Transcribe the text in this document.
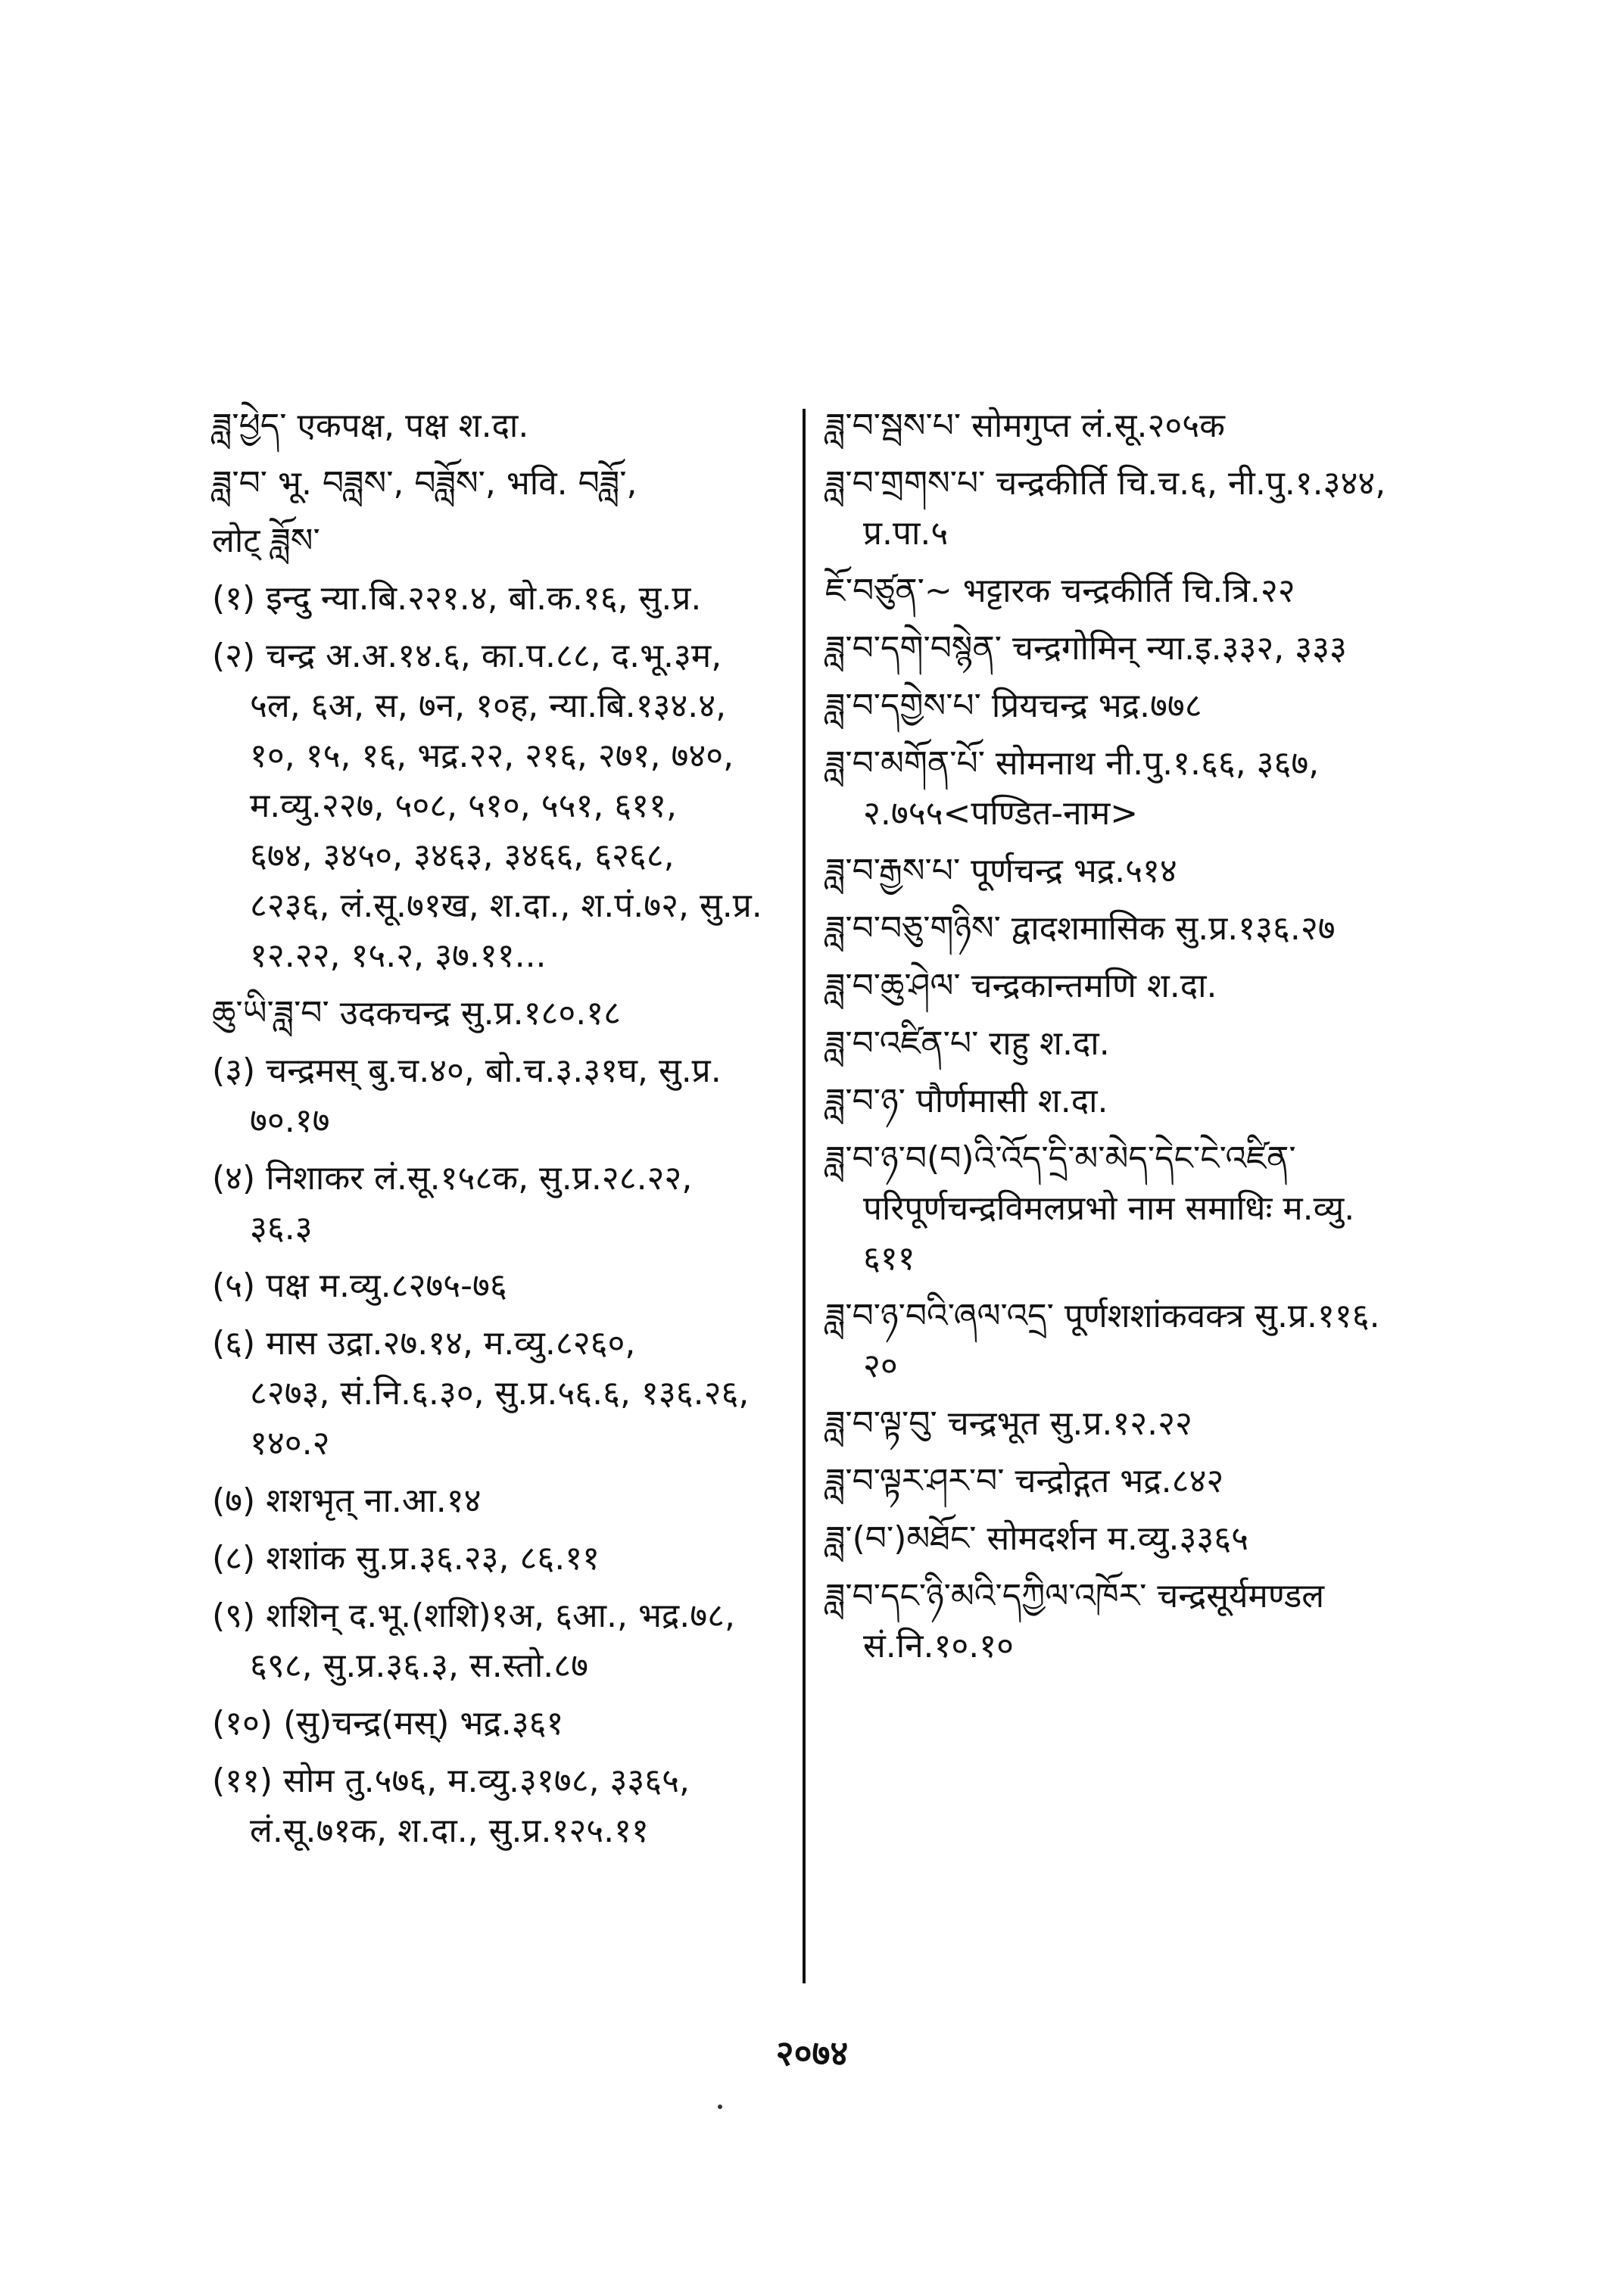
ཟླ་ཕྱེད་ एकपक्ष, पक्ष श.दा.
ཟླ་བ་ भू. བཟླས་, བཟློས་, भवि. བཟློ་,
लोट् ཟློས་
(१) इन्दु न्या.बि.२२१.४, बो.क.१६, सु.प्र.
(२) चन्द्र अ.अ.१४.६, का.प.८८, द.भू.३म,
५ल, ६अ, स, ७न, १०ह, न्या.बि.१३४.४,
१०, १५, १६, भद्र.२२, २१६, २७१, ७४०,
म.व्यु.२२७, ५०८, ५१०, ५५१, ६११,
६७४, ३४५०, ३४६३, ३४६६, ६२६८,
८२३६, लं.सू.७१ख, श.दा., श.पं.७२, सु.प्र.
१२.२२, १५.२, ३७.११...
ཆུ་ཡི་ཟླ་བ་ उदकचन्द्र सु.प्र.१८०.१८
(३) चन्द्रमस् बु.च.४०, बो.च.३.३१घ, सु.प्र.
७०.१७
(४) निशाकर लं.सू.१५८क, सु.प्र.२८.२२,
३६.३
(५) पक्ष म.व्यु.८२७५-७६
(६) मास उद्रा.२७.१४, म.व्यु.८२६०,
८२७३, सं.नि.६.३०, सु.प्र.५६.६, १३६.२६,
१४०.२
(७) शशभृत् ना.आ.१४
(८) शशांक सु.प्र.३६.२३, ८६.११
(९) शशिन् द.भू.(शशि)१अ, ६आ., भद्र.७८,
६९८, सु.प्र.३६.३, स.स्तो.८७
(१०) (सु)चन्द्र(मस्) भद्र.३६१
(११) सोम तु.५७६, म.व्यु.३१७८, ३३६५,
लं.सू.७१क, श.दा., सु.प्र.१२५.११
ཟླ་བ་སྦས་པ་ सोमगुप्त लं.सू.२०५क
ཟླ་བ་གྲགས་པ་ चन्द्रकीर्ति चि.च.६, नी.पु.१.३४४,
प्र.पा.५
ཇོ་བཙུན་~ भट्टारक चन्द्रकीर्ति चि.त्रि.२२
ཟླ་བ་དགེ་བསྙེན་ चन्द्रगोमिन् न्या.इ.३३२, ३३३
ཟླ་བ་དགྱེས་པ་ प्रियचन्द्र भद्र.७७८
ཟླ་བ་མགོན་པོ་ सोमनाथ नी.पु.१.६६, ३६७,
२.७५५<पण्डित-नाम>
ཟླ་བ་རྒྱས་པ་ पूर्णचन्द्र भद्र.५१४
ཟླ་བ་བཅུ་གཉིས་ द्वादशमासिक सु.प्र.१३६.२७
ཟླ་བ་ཆུ་ཤེལ་ चन्द्रकान्तमणि श.दा.
ཟླ་བ་འཛིན་པ་ राहु श.दा.
ཟླ་བ་ཉ་ पौर्णमासी श.दा.
ཟླ་བ་ཉ་བ(བ)འི་འོད་དྲི་མ་མེད་དེང་ངེ་འཛིན་
परिपूर्णचन्द्रविमलप्रभो नाम समाधिः म.व्यु.
६११
ཟླ་བ་ཉ་བའི་ཞལ་འདྲ་ पूर्णशशांकवक्त्र सु.प्र.११६.
२०
ཟླ་བ་ལྟ་བུ་ चन्द्रभूत सु.प्र.१२.२२
ཟླ་བ་ལྟར་ཤར་བ་ चन्द्रोद्गत भद्र.८४२
ཟླ་(བ་)མཐོང་ सोमदर्शन म.व्यु.३३६५
ཟླ་བ་དང་ཉི་མའི་དཀྱིལ་འཁོར་ चन्द्रसूर्यमण्डल
सं.नि.१०.१०
२०७४
